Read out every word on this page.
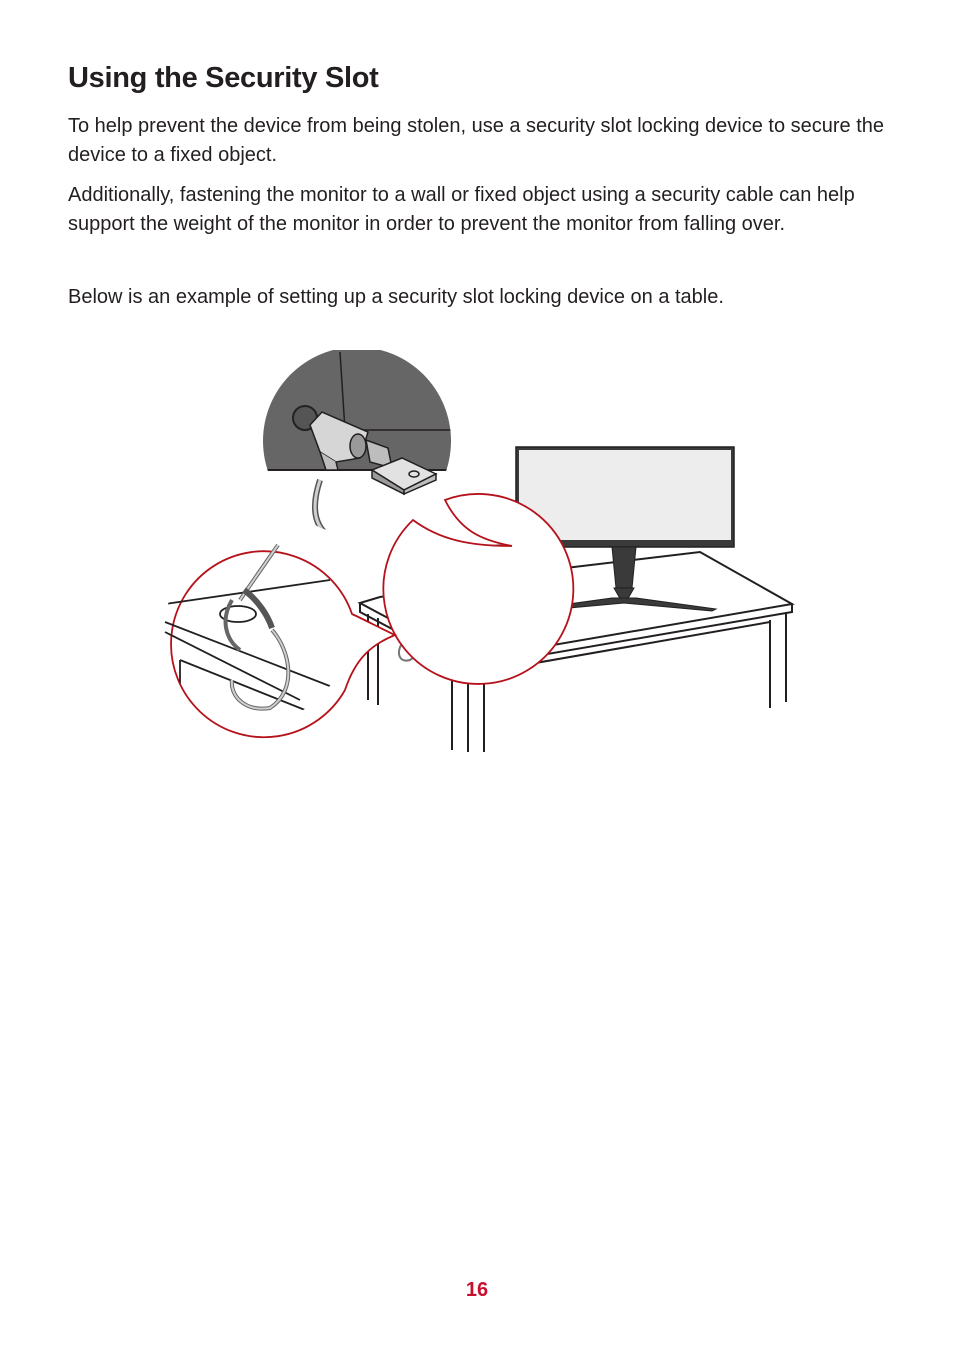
Using the Security Slot

To help prevent the device from being stolen, use a security slot locking device to secure the device to a fixed object.

Additionally, fastening the monitor to a wall or fixed object using a security cable can help support the weight of the monitor in order to prevent the monitor from falling over.

Below is an example of setting up a security slot locking device on a table.

16
